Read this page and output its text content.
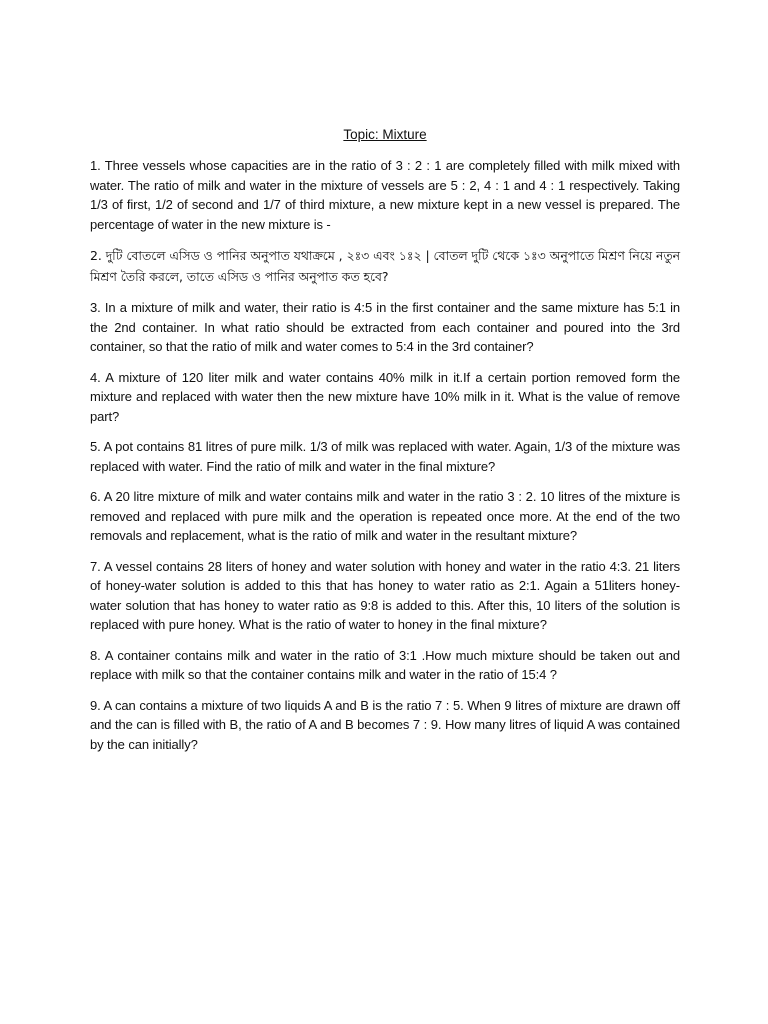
Topic: Mixture

1. Three vessels whose capacities are in the ratio of 3 : 2 : 1 are completely filled with milk mixed with water. The ratio of milk and water in the mixture of vessels are 5 : 2, 4 : 1 and 4 : 1 respectively. Taking 1/3 of first, 1/2 of second and 1/7 of third mixture, a new mixture kept in a new vessel is prepared. The percentage of water in the new mixture is -

2. দুটি বোতলে এসিড ও পানির অনুপাত যথাক্রমে , ২ঃ৩ এবং ১ঃ২ | বোতল দুটি থেকে ১ঃ৩ অনুপাতে মিশ্রণ নিয়ে নতুন মিশ্রণ তৈরি করলে, তাতে এসিড ও পানির অনুপাত কত হবে?

3. In a mixture of milk and water, their ratio is 4:5 in the first container and the same mixture has 5:1 in the 2nd container. In what ratio should be extracted from each container and poured into the 3rd container, so that the ratio of milk and water comes to 5:4 in the 3rd container?

4. A mixture of 120 liter milk and water contains 40% milk in it.If a certain portion removed form the mixture and replaced with water then the new mixture have 10% milk in it. What is the value of remove part?

5. A pot contains 81 litres of pure milk. 1/3 of milk was replaced with water. Again, 1/3 of the mixture was replaced with water. Find the ratio of milk and water in the final mixture?

6. A 20 litre mixture of milk and water contains milk and water in the ratio 3 : 2. 10 litres of the mixture is removed and replaced with pure milk and the operation is repeated once more. At the end of the two removals and replacement, what is the ratio of milk and water in the resultant mixture?

7. A vessel contains 28 liters of honey and water solution with honey and water in the ratio 4:3. 21 liters of honey-water solution is added to this that has honey to water ratio as 2:1. Again a 51liters honey-water solution that has honey to water ratio as 9:8 is added to this. After this, 10 liters of the solution is replaced with pure honey. What is the ratio of water to honey in the final mixture?

8. A container contains milk and water in the ratio of 3:1 .How much mixture should be taken out and replace with milk so that the container contains milk and water in the ratio of 15:4 ?

9. A can contains a mixture of two liquids A and B is the ratio 7 : 5. When 9 litres of mixture are drawn off and the can is filled with B, the ratio of A and B becomes 7 : 9. How many litres of liquid A was contained by the can initially?
